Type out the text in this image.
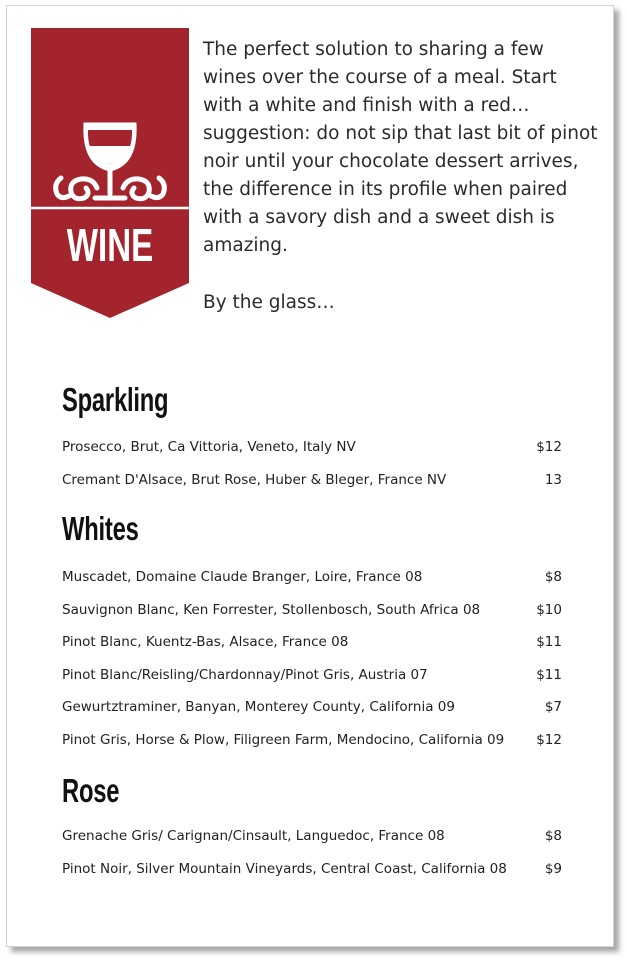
WINE

The perfect solution to sharing a few wines over the course of a meal. Start with a white and finish with a red… suggestion: do not sip that last bit of pinot noir until your chocolate dessert arrives, the difference in its profile when paired with a savory dish and a sweet dish is amazing.

By the glass…
Sparkling
Prosecco, Brut, Ca Vittoria, Veneto, Italy NV	$12
Cremant D'Alsace, Brut Rose, Huber & Bleger, France NV	13
Whites
Muscadet, Domaine Claude Branger, Loire, France 08	$8
Sauvignon Blanc, Ken Forrester, Stollenbosch, South Africa 08	$10
Pinot Blanc, Kuentz-Bas, Alsace, France 08	$11
Pinot Blanc/Reisling/Chardonnay/Pinot Gris, Austria 07	$11
Gewurtztraminer, Banyan, Monterey County, California 09	$7
Pinot Gris, Horse & Plow, Filigreen Farm, Mendocino, California 09 $12
Rose
Grenache Gris/ Carignan/Cinsault, Languedoc, France 08	$8
Pinot Noir, Silver Mountain Vineyards, Central Coast, California 08	$9
